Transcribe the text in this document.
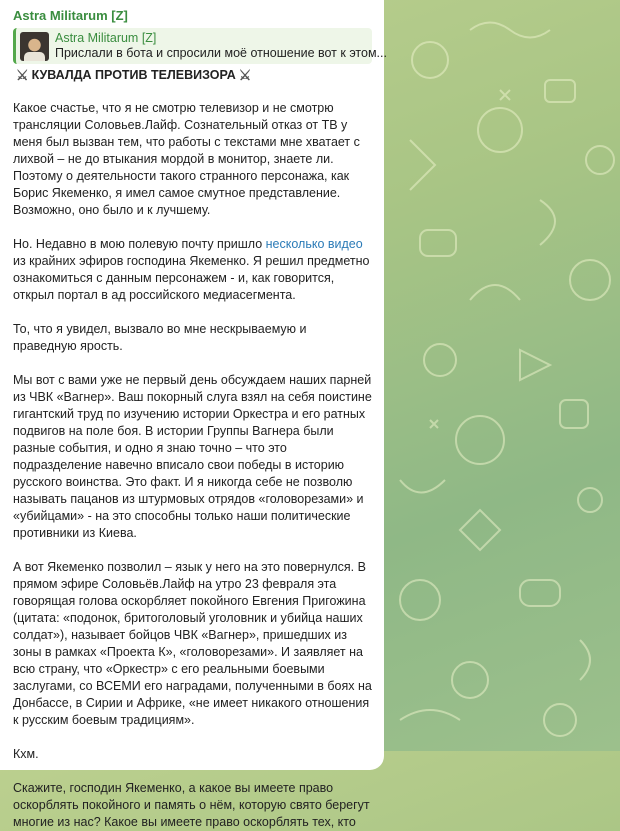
Astra Militarum [Z]
Astra Militarum [Z]
Прислали в бота и спросили моё отношение вот к этом...
⚔ КУВАЛДА ПРОТИВ ТЕЛЕВИЗОРА ⚔

Какое счастье, что я не смотрю телевизор и не смотрю трансляции Соловьев.Лайф. Сознательный отказ от ТВ у меня был вызван тем, что работы с текстами мне хватает с лихвой – не до втыкания мордой в монитор, знаете ли. Поэтому о деятельности такого странного персонажа, как Борис Якеменко, я имел самое смутное представление. Возможно, оно было и к лучшему.

Но. Недавно в мою полевую почту пришло несколько видео из крайних эфиров господина Якеменко. Я решил предметно ознакомиться с данным персонажем - и, как говорится, открыл портал в ад российского медиасегмента.

То, что я увидел, вызвало во мне нескрываемую и праведную ярость.

Мы вот с вами уже не первый день обсуждаем наших парней из ЧВК «Вагнер». Ваш покорный слуга взял на себя поистине гигантский труд по изучению истории Оркестра и его ратных подвигов на поле боя. В истории Группы Вагнера были разные события, и одно я знаю точно – что это подразделение навечно вписало свои победы в историю русского воинства. Это факт. И я никогда себе не позволю называть пацанов из штурмовых отрядов «головорезами» и «убийцами» - на это способны только наши политические противники из Киева.

А вот Якеменко позволил – язык у него на это повернулся. В прямом эфире Соловьёв.Лайф на утро 23 февраля эта говорящая голова оскорбляет покойного Евгения Пригожина (цитата: «подонок, бритоголовый уголовник и убийца наших солдат»), называет бойцов ЧВК «Вагнер», пришедших из зоны в рамках «Проекта К», «головорезами». И заявляет на всю страну, что «Оркестр» с его реальными боевыми заслугами, со ВСЕМИ его наградами, полученными в боях на Донбассе, в Сирии и Африке, «не имеет никакого отношения к русским боевым традициям».

Кхм.

Скажите, господин Якеменко, а какое вы имеете право оскорблять покойного и память о нём, которую свято берегут многие из нас? Какое вы имеете право оскорблять тех, кто
